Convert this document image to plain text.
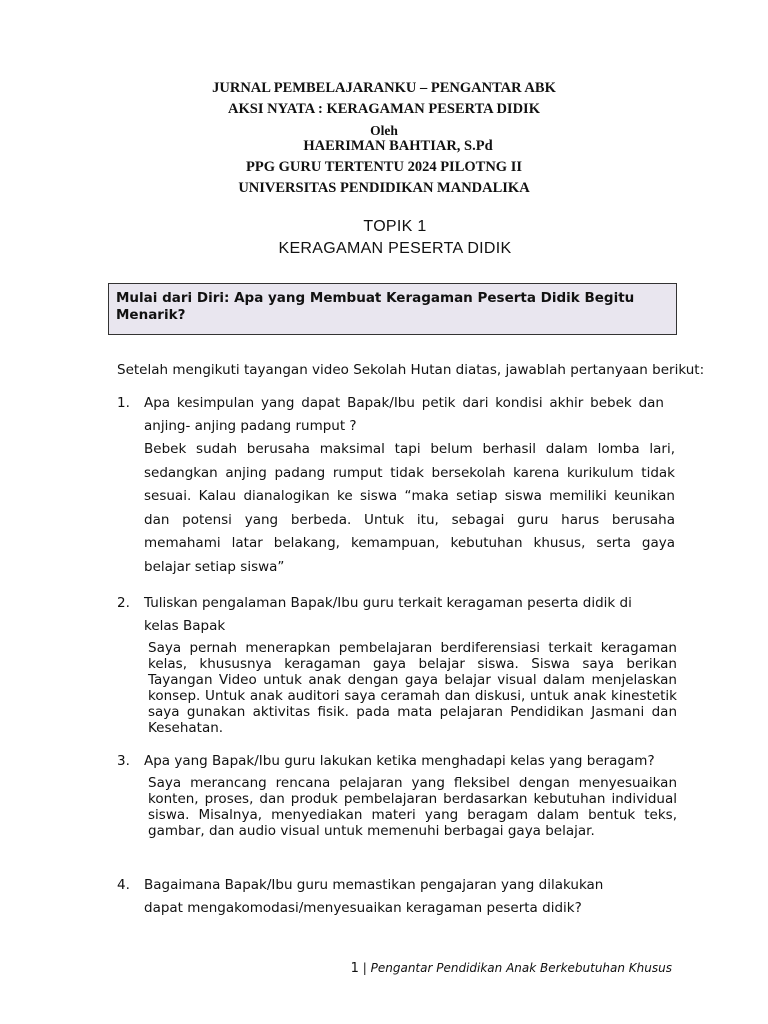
JURNAL PEMBELAJARANKU – PENGANTAR ABK
AKSI NYATA : KERAGAMAN PESERTA DIDIK
Oleh
HAERIMAN BAHTIAR, S.Pd
PPG GURU TERTENTU 2024 PILOTNG II
UNIVERSITAS PENDIDIKAN MANDALIKA
TOPIK 1
KERAGAMAN PESERTA DIDIK
Mulai dari Diri: Apa yang Membuat Keragaman Peserta Didik Begitu Menarik?
Setelah mengikuti tayangan video Sekolah Hutan diatas, jawablah pertanyaan berikut:
1. Apa kesimpulan yang dapat Bapak/Ibu petik dari kondisi akhir bebek dan anjing- anjing padang rumput ?
Bebek sudah berusaha maksimal tapi belum berhasil dalam lomba lari, sedangkan anjing padang rumput tidak bersekolah karena kurikulum tidak sesuai. Kalau dianalogikan ke siswa “maka setiap siswa memiliki keunikan dan potensi yang berbeda. Untuk itu, sebagai guru harus berusaha memahami latar belakang, kemampuan, kebutuhan khusus, serta gaya belajar setiap siswa”
2. Tuliskan pengalaman Bapak/Ibu guru terkait keragaman peserta didik di kelas Bapak
Saya pernah menerapkan pembelajaran berdiferensiasi terkait keragaman kelas, khususnya keragaman gaya belajar siswa. Siswa saya berikan Tayangan Video untuk anak dengan gaya belajar visual dalam menjelaskan konsep. Untuk anak auditori saya ceramah dan diskusi, untuk anak kinestetik saya gunakan aktivitas fisik. pada mata pelajaran Pendidikan Jasmani dan Kesehatan.
3. Apa yang Bapak/Ibu guru lakukan ketika menghadapi kelas yang beragam?
Saya merancang rencana pelajaran yang fleksibel dengan menyesuaikan konten, proses, dan produk pembelajaran berdasarkan kebutuhan individual siswa. Misalnya, menyediakan materi yang beragam dalam bentuk teks, gambar, dan audio visual untuk memenuhi berbagai gaya belajar.
4. Bagaimana Bapak/Ibu guru memastikan pengajaran yang dilakukan dapat mengakomodasi/menyesuaikan keragaman peserta didik?
1 | Pengantar Pendidikan Anak Berkebutuhan Khusus
